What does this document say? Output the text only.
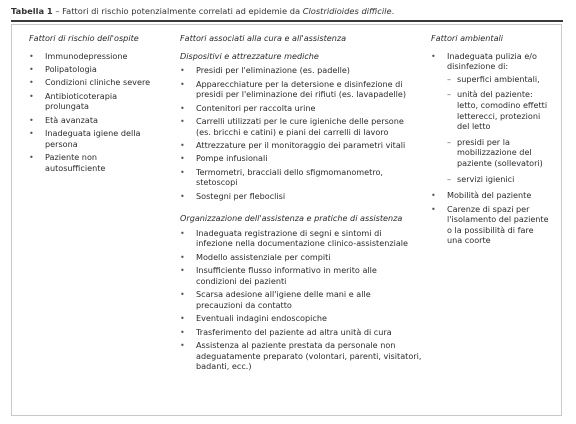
Tabella 1 – Fattori di rischio potenzialmente correlati ad epidemie da Clostridioides difficile.
Fattori di rischio dell'ospite
• Immunodepressione
• Polipatologia
• Condizioni cliniche severe
• Antibioticoterapia prolungata
• Età avanzata
• Inadeguata igiene della persona
• Paziente non autosufficiente
Fattori associati alla cura e all'assistenza
Dispositivi e attrezzature mediche
• Presidi per l'eliminazione (es. padelle)
• Apparecchiature per la detersione e disinfezione di presidi per l'eliminazione dei rifiuti (es. lavapadelle)
• Contenitori per raccolta urine
• Carrelli utilizzati per le cure igieniche delle persone (es. bricchi e catini) e piani dei carrelli di lavoro
• Attrezzature per il monitoraggio dei parametri vitali
• Pompe infusionali
• Termometri, bracciali dello sfigmomanometro, stetoscopi
• Sostegni per fleboclisi
Organizzazione dell'assistenza e pratiche di assistenza
• Inadeguata registrazione di segni e sintomi di infezione nella documentazione clinico-assistenziale
• Modello assistenziale per compiti
• Insufficiente flusso informativo in merito alle condizioni dei pazienti
• Scarsa adesione all'igiene delle mani e alle precauzioni da contatto
• Eventuali indagini endoscopiche
• Trasferimento del paziente ad altra unità di cura
• Assistenza al paziente prestata da personale non adeguatamente preparato (volontari, parenti, visitatori, badanti, ecc.)
Fattori ambientali
• Inadeguata pulizia e/o disinfezione di:
– superfici ambientali,
– unità del paziente: letto, comodino effetti letterecci, protezioni del letto
– presidi per la mobilizzazione del paziente (sollevatori)
– servizi igienici
• Mobilità del paziente
• Carenze di spazi per l'isolamento del paziente o la possibilità di fare una coorte
